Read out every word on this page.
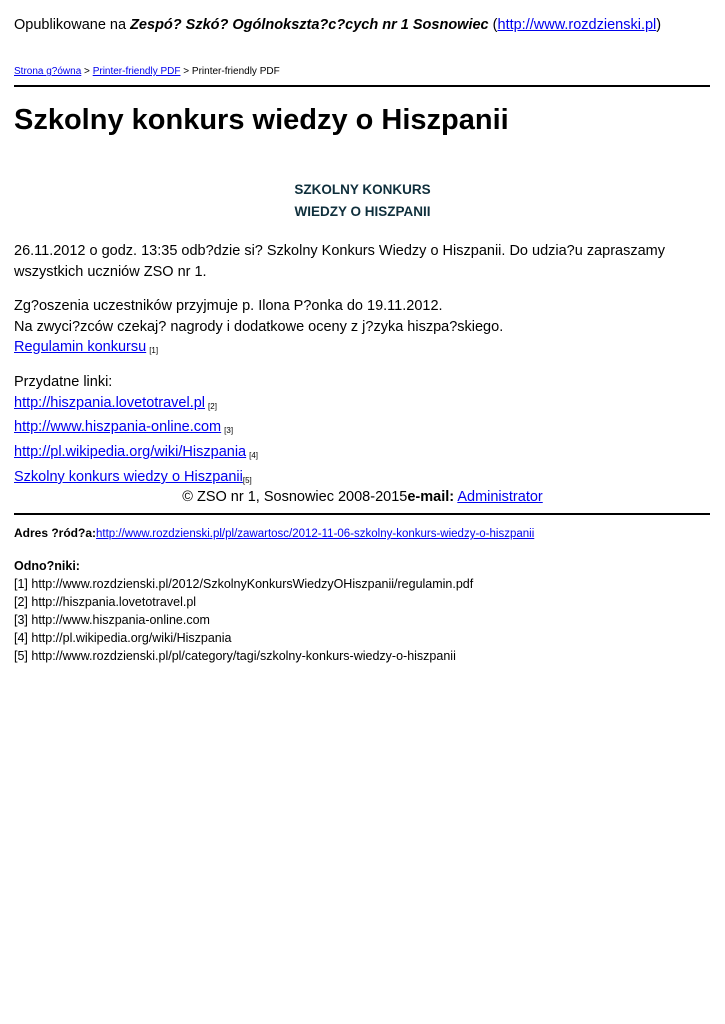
Opublikowane na Zespó? Szkó? Ogólnoksztа?c?cych nr 1 Sosnowiec (http://www.rozdzienski.pl)
Strona g?ówna > Printer-friendly PDF > Printer-friendly PDF
Szkolny konkurs wiedzy o Hiszpanii
SZKOLNY KONKURS
WIEDZY O HISZPANII
26.11.2012 o godz. 13:35 odb?dzie si? Szkolny Konkurs Wiedzy o Hiszpanii. Do udzia?u zapraszamy
wszystkich uczniów ZSO nr 1.
Zg?oszenia uczestników przyjmuje p. Ilona P?onka do 19.11.2012.
Na zwyci?zców czekaj? nagrody i dodatkowe oceny z j?zyka hiszpa?skiego.
Regulamin konkursu $_{[1]}$
Przydatne linki:
http://hiszpania.lovetotravel.pl $_{[2]}$
http://www.hiszpania-online.com $_{[3]}$
http://pl.wikipedia.org/wiki/Hiszpania $_{[4]}$
Szkolny konkurs wiedzy o Hiszpanii$_{[5]}$
© ZSO nr 1, Sosnowiec 2008-2015e-mail: Administrator
Adres ?ród?a:http://www.rozdzienski.pl/pl/zawartosc/2012-11-06-szkolny-konkurs-wiedzy-o-hiszpanii
Odno?niki:
[1] http://www.rozdzienski.pl/2012/SzkolnyKonkursWiedzyOHiszpanii/regulamin.pdf
[2] http://hiszpania.lovetotravel.pl
[3] http://www.hiszpania-online.com
[4] http://pl.wikipedia.org/wiki/Hiszpania
[5] http://www.rozdzienski.pl/pl/category/tagi/szkolny-konkurs-wiedzy-o-hiszpanii
